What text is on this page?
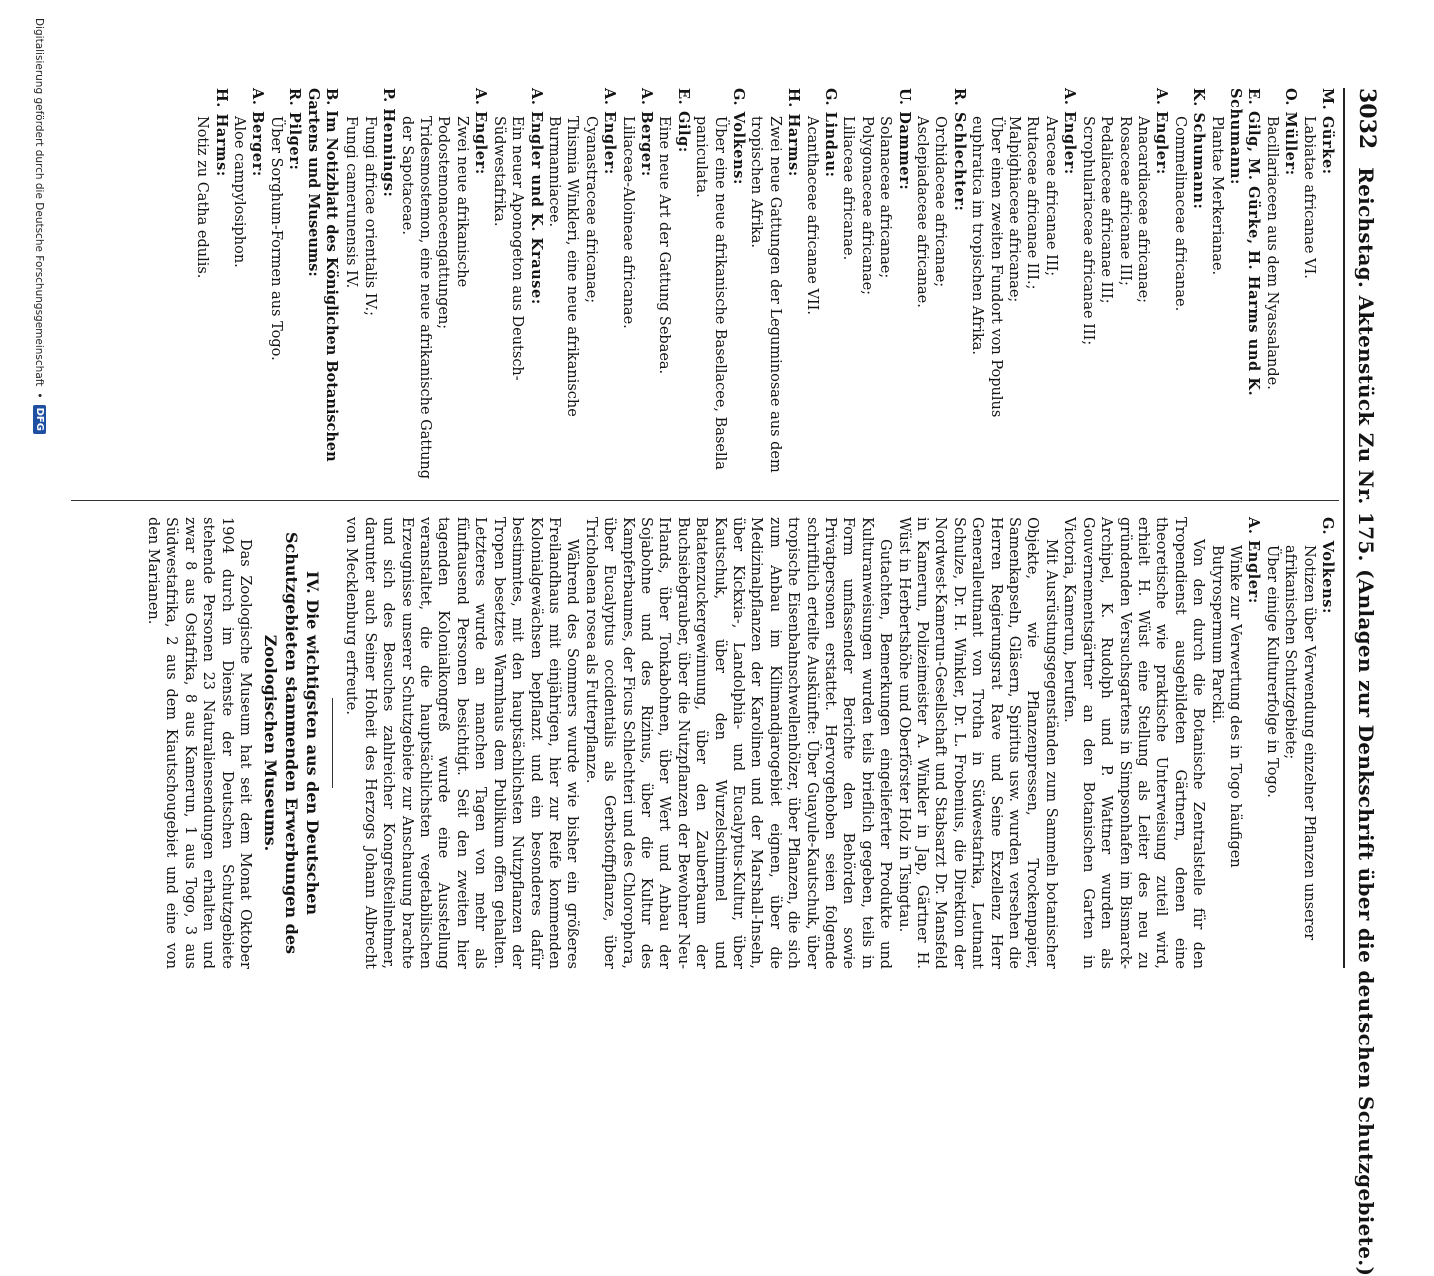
3032
Reichstag. Aktenstück Zu Nr. 175. (Anlagen zur Denkschrift über die deutschen Schutzgebiete.)
M. Gürke:
Labiatae africanae VI.
O. Müller:
Bacillariaceen aus dem Nyassalande.
E. Gilg, M. Gürke, H. Harms und K. Schumann:
Plantae Merkerianae.
K. Schumann:
Commelinaceae africanae.
A. Engler:
Anacardiaceae africanae;
Rosaceae africanae III;
Pedaliaceae africanae III;
Scrophulariaceae africanae III;
A. Engler:
Araceae africanae III;
Rutaceae africanae III.;
Malpighiaceae africanae;
Über einen zweiten Fundort von Populus euphratica im tropischen Afrika.
R. Schlechter:
Orchidaceae africanae;
Asclepiadaceae africanae.
U. Dammer:
Solanaceae africanae;
Polygonaceae africanae;
Liliaceae africanae.
G. Lindau:
Acanthaceae africanae VII.
H. Harms:
Zwei neue Gattungen der Leguminosae aus dem tropischen Afrika.
G. Volkens:
Über eine neue afrikanische Basellacee, Basella paniculata.
E. Gilg:
Eine neue Art der Gattung Sebaea.
A. Berger:
Liliaceae-Aloineae africanae.
A. Engler:
Cyanastraceae africanae;
Thismia Winkleri, eine neue afrikanische Burmanniacee.
A. Engler und K. Krause:
Ein neuer Aponogeton aus Deutsch-Südwestafrika.
A. Engler:
Zwei neue afrikanische Podostemonaceengattungen;
Tridesmostemon, eine neue afrikanische Gattung der Sapotaceae.
P. Hennings:
Fungi africae orientalis IV.;
Fungi camerunensis IV.
B. Im Notizblatt des Königlichen Botanischen Gartens und Museums:
R. Pilger:
Über Sorghum-Formen aus Togo.
A. Berger:
Aloe campylosiphon.
H. Harms:
Notiz zu Catha edulis.
G. Volkens:
Notizen über Verwendung einzelner Pflanzen unserer afrikanischen Schutzgebiete;
Über einige Kulturerfolge in Togo.
A. Engler:
Winke zur Verwertung des in Togo häufigen Butyrospermum Parckii.

Von den durch die Botanische Zentralstelle für den Tropendienst ausgebildeten Gärtnern, denen eine theoretische wie praktische Unterweisung zuteil wird, erhielt H. Wüst eine Stellung als Leiter des neu zu gründenden Versuchsgartens in Simpsonhafen im Bismarck-Archipel, K. Rudolph und P. Wattner wurden als Gouvernementsgärtner an den Botanischen Garten in Victoria, Kamerun, berufen.

Mit Ausrüstungsgegenständen zum Sammeln botanischer Objekte, wie Pflanzenpressen, Trockenpapier, Samenkapseln, Gläsern, Spiritus usw. wurden versehen die Herren Regierungsrat Rave und Seine Exzellenz Herr Generalleutnant von Trotha in Südwestafrika, Leutnant Schulze, Dr. H. Winkler, Dr. L. Frobenius, die Direktion der Nordwest-Kamerun-Gesellschaft und Stabsarzt Dr. Mansfeld in Kamerun, Polizeimeister A. Winkler in Jap, Gärtner H. Wüst in Herbertshöhe und Oberförster Holz in Tsingtau.

Gutachten, Bemerkungen eingelieferter Produkte und Kulturanweisungen wurden teils brieflich gegeben, teils in Form umfassender Berichte den Behörden sowie Privatpersonen erstattet. Hervorgehoben seien folgende schriftlich erteilte Auskünfte: Über Guayule-Kautschuk, über tropische Eisenbahnschwellenhölzer, über Pflanzen, die sich zum Anbau im Kilimandjarogebiet eignen, über die Medizinalpflanzen der Karolinen und der Marshall-Inseln, über Kickxia-, Landolphia- und Eucalyptus-Kultur, über Kautschuk, über den Wurzelschimmel und Batatenzuckergewinnung, über den Zauberbaum der Buchsiebgrauber, über die Nutzpflanzen der Bewohner Neu-Irlands, über Tonkabohnen, über Wert und Anbau der Sojabohne und des Rizinus, über die Kultur des Kampferbaumes, der Ficus Schlechteri und des Chlorophora, über Eucalyptus occidentalis als Gerbstoffpflanze, über Tricholaena rosea als Futterpflanze.

Während des Sommers wurde wie bisher ein größeres Freilandhaus mit einjährigen, hier zur Reife kommenden Kolonialgewächsen bepflanzt und ein besonderes dafür bestimmtes, mit den hauptsächlichsten Nutzpflanzen der Tropen besetztes Warmhaus dem Publikum offen gehalten. Letzteres wurde an manchen Tagen von mehr als fünftausend Personen besichtigt. Seit den zweiten hier tagenden Kolonialkongreß wurde eine Ausstellung veranstaltet, die die hauptsächlichsten vegetabilischen Erzeugnisse unserer Schutzgebiete zur Anschauung brachte und sich des Besuches zahlreicher Kongreßteilnehmer, darunter auch Seiner Hoheit des Herzogs Johann Albrecht von Mecklenburg erfreute.

IV. Die wichtigsten aus den Deutschen Schutzgebieten stammenden Erwerbungen des Zoologischen Museums.

Das Zoologische Museum hat seit dem Monat Oktober 1904 durch im Dienste der Deutschen Schutzgebiete stehende Personen 23 Naturaliensendungen erhalten und zwar 8 aus Ostafrika, 8 aus Kamerun, 1 aus Togo, 3 aus Südwestafrika, 2 aus dem Kiautschougebiet und eine von den Marianen.

Digitalisierung gefördert durch die Deutsche Forschungsgemeinschaft
•
DFG
